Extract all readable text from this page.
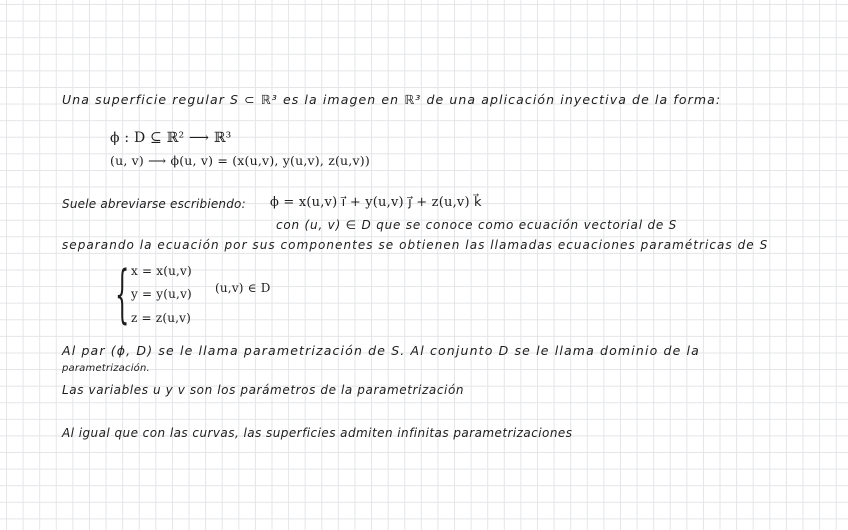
Una superficie regular S ⊂ ℝ³ es la imagen en ℝ³ de una aplicación inyectiva de la forma:
ϕ : D ⊆ ℝ² ⟶ ℝ³
(u, v) ⟶ ϕ(u, v) = (x(u,v), y(u,v), z(u,v))
Suele abreviarse escribiendo: ϕ = x(u,v) i⃗ + y(u,v) j⃗ + z(u,v) k⃗
con (u, v) ∈ D que se conoce como ecuación vectorial de S
separando la ecuación por sus componentes se obtienen las llamadas ecuaciones paramétricas de S
{ x = x(u,v)
y = y(u,v) (u,v) ∈ D
z = z(u,v)
Al par (ϕ, D) se le llama parametrización de S. Al conjunto D se le llama dominio de la
parametrización.
Las variables u y v son los parámetros de la parametrización
Al igual que con las curvas, las superficies admiten infinitas parametrizaciones
